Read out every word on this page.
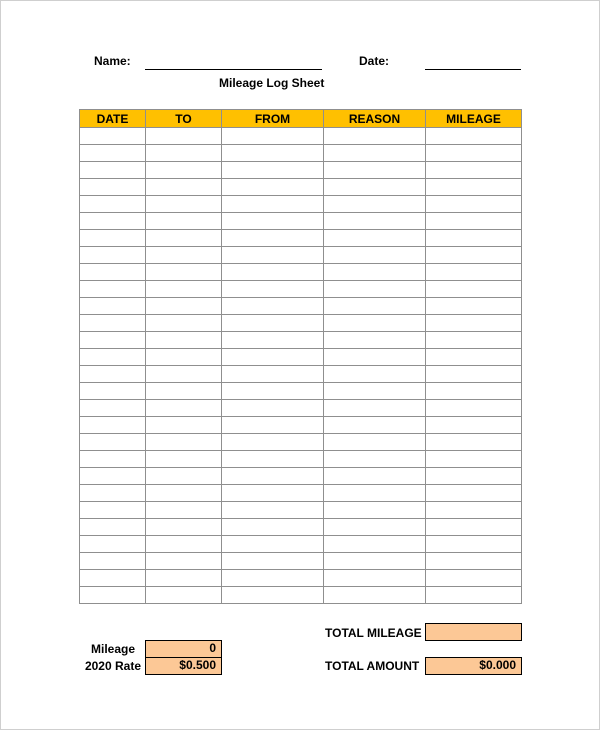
Name:	Date:
Mileage Log Sheet
DATE	TO	FROM	REASON	MILEAGE

Mileage	0
2020 Rate	$0.500
TOTAL MILEAGE
TOTAL AMOUNT	$0.000
